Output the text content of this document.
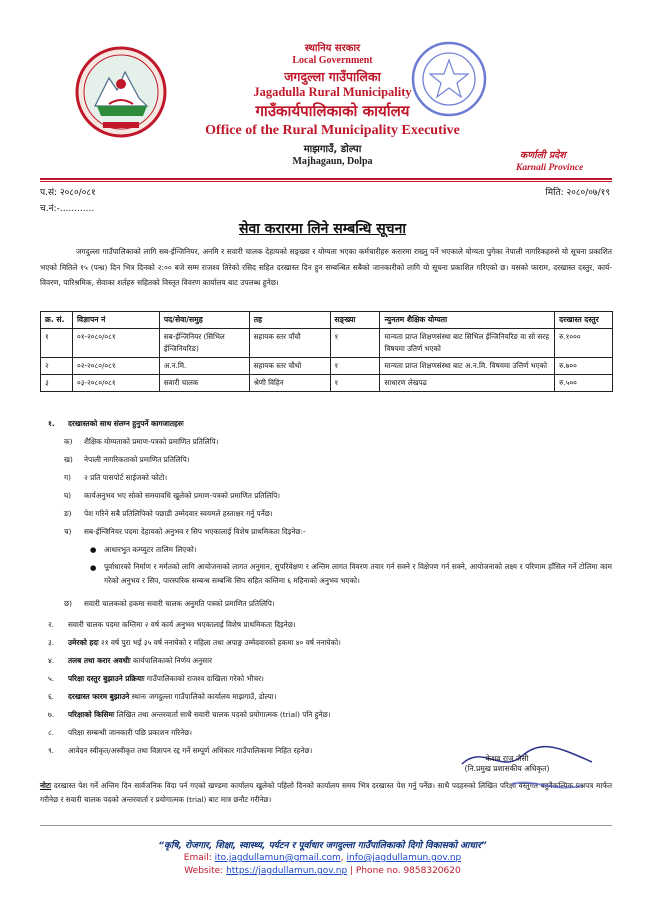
स्थानिय सरकार
Local Government
जगदुल्ला गाउँपालिका
Jagadulla Rural Municipality
गाउँकार्यपालिकाको कार्यालय
Office of the Rural Municipality Executive
माझगाउँ, डोल्पा
Majhagaun, Dolpa
कर्णाली प्रदेश
Karnali Province
प.सं: २०८०/०८१
च.नं:-............
मिति: २०८०/०७/१९
सेवा करारमा लिने सम्बन्धि सूचना
जगदुल्ला गाउँपालिकाको लागि सब-ईन्जिनियर, अनमि र सवारी चालक देहायको सङ्ख्या र योग्यता भएका कर्मचारीहरु करारमा राख्नु पर्ने भएकाले योग्यता पुगेका नेपाली नागरिकहरुसे यो सूचना प्रकाशित भएको मितिले १५ (पन्ध्र) दिन भित्र दिनको २:०० बजे सम्म राजश्व तिरेको रसिद सहित दरखास्त दिन हुन सम्बन्धित सबैको जानकारीको लागि यो सूचना प्रकाशित गरिएको छ। यसको फाराम, दरखास्त दस्तुर, कार्य- विवरण, पारिश्रमिक, सेवाका शर्तहरु सहितको विस्तृत विवरण कार्यालय बाट उपलब्ध हुनेछ।
क्र. सं.	विज्ञापन नं	पद/सेवा/समुह	तह	सङ्ख्या	न्युनतम शैक्षिक योग्यता	दरखास्त दस्तुर
१	०१-२०८०/०८१	सब-ईन्जिनियर (सिभिल ईन्जिनियरिङ)	सहायक स्तर पाँचौ	१	मान्यता प्राप्त शिक्षणसंस्था बाट सिभिल ईन्जिनियरिङ वा सो सरह विषयमा उतिर्ण भएको	रु.१०००
२	०२-२०८०/०८१	अ.न.मि.	सहायक स्तर चौथो	१	मान्यता प्राप्त शिक्षणसंस्था बाट अ.न.मि. विषयमा उत्तिर्ण भएको	रु.७००
३	०३-२०८०/०८१	सवारी चालक	श्रेणी विहिन	१	साधारण लेखपढ	रु.५००
१. दरखास्तको साथ संलग्न हुनुपर्ने कागजातहरुः
क) शैक्षिक योग्यताको प्रमाण-पत्रको प्रमाणित प्रतिलिपि।
ख) नेपाली नागरिकताको प्रमाणित प्रतिलिपि।
ग) २ प्रति पासपोर्ट साईजको फोटो।
घ) कार्यअनुभव भए सोको समयावधि खुलेको प्रमाण-पत्रको प्रमाणित प्रतिलिपि।
ङ) पेश गरिने सबै प्रतिलिपिको पछाडी उम्मेदवार स्वयमले हस्ताक्षर गर्नु पर्नेछ।
च) सब-ईन्जिनियर पदमा देहायको अनुभव र सिप भएकालाई विशेष प्राथमिकता दिइनेछ:-
● आधारभुत कम्प्युटर तालिम लिएको।
● पूर्वाधारको निर्माण र मर्मतको लागि आयोजनाको लागत अनुमान, सुपरिवेक्षण र अन्तिम लागत विवरण तयार गर्न सक्ने र विक्षेपण गर्न सक्ने, आयोजनाको लक्ष्य र परिणाम हाँसिल गर्ने टोलिमा काम गरेको अनुभव र सिप, पारस्परिक सम्बन्ध सम्बन्धि सिप सहित कम्तिमा ६ महिनाको अनुभव भएको।
छ) सवारी चालकको हकमा सवारी चालक अनुमति पत्रको प्रमाणित प्रतिलिपि।
२. सवारी चालक पदमा कम्तिमा २ वर्ष कार्य अनुभव भएकालाई विशेष प्राथमिकता दिइनेछ।
३. उमेरको हदः २१ वर्ष पुरा भई ३५ वर्ष ननाघेको र महिला तथा अपाङ्ग उम्मेदवारको हकमा ४० वर्ष ननाघेको।
४. तलब तथा करार अवधीः कार्यपालिकाको निर्णय अनुसार
५. परिक्षा दस्तुर बुझाउने प्रक्रियाः गाउँपालिकाको राजश्व दाखिला गरेको भौचर।
६. दरखास्त फारम बुझाउने स्थानः जगदुल्ला गाउँपालिको कार्यालय माझगाउँ, डोल्पा।
७. परिक्षाको किसिमः लिखित तथा अन्तरवार्ता साथै सवारी चालक पदको प्रयोगात्मक (trial) पनि हुनेछ।
८. परिक्षा सम्बन्धी जानकारी पछि प्रकाशन गरिनेछ।
९. आवेदन स्वीकृत/अस्वीकृत तथा विज्ञापन रद्द गर्ने सम्पूर्ण अधिकार गाउँपालिकामा निहित रहनेछ।
नोटः दरखास्त पेश गर्ने अन्तिम दिन सार्वजनिक विदा पर्न गएको खण्डमा कार्यालय खुलेको पहिलो दिनको कार्यालय समय भित्र दरखास्त पेश गर्नु पर्नेछ। साथै पदहरुको लिखित परिक्षा वस्तुगत बहुवैकल्पिक प्रश्नपत्र मार्फत गरीनेछ र सवारी चालक पदको अन्तरवार्ता र प्रयोगात्मक (trial) बाट मात्र छनौट गरीनेछ।
केशव राज जैसी
(नि.प्रमुख प्रशासकीय अधिकृत)
“कृषि, रोजगार, शिक्षा, स्वास्थ्य, पर्यटन र पूर्वाधार जगदुल्ला गाउँपालिकाको दिगो विकासको आधार”
Email: ito.jagdullamun@gmail.com, info@jagdullamun.gov.np
Website: https://jagdullamun.gov.np | Phone no. 9858320620
